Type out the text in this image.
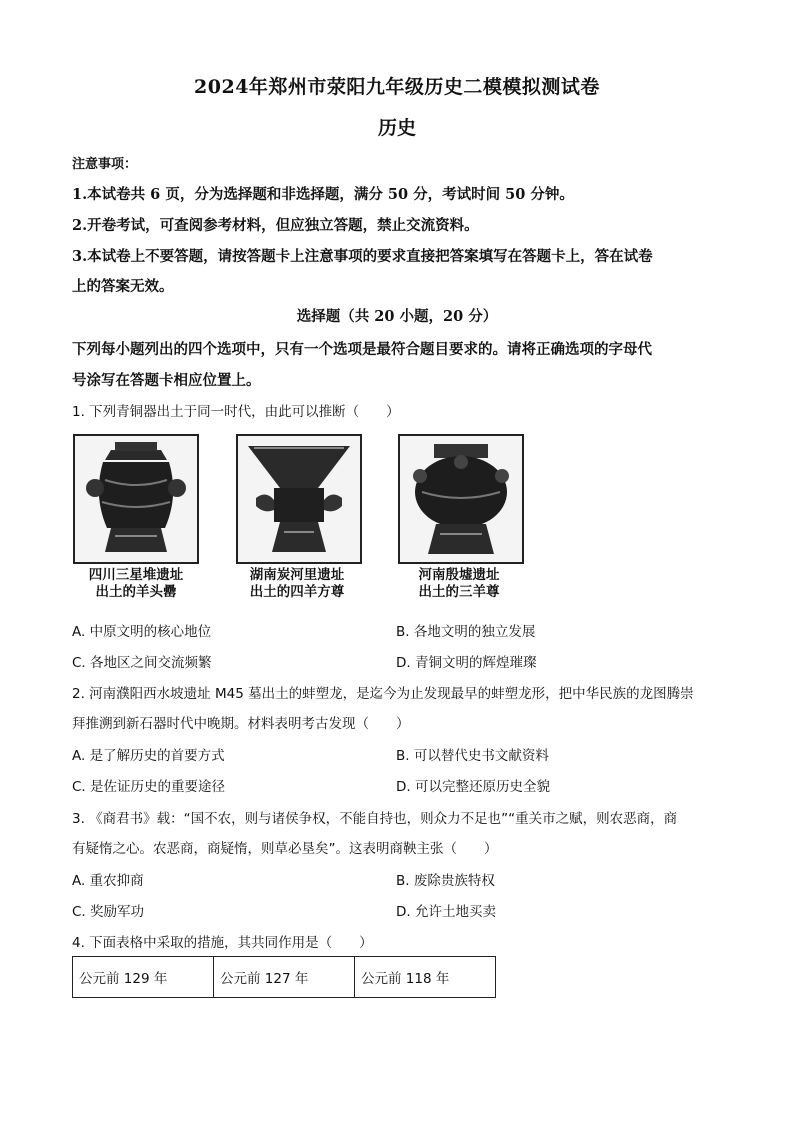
2024年郑州市荥阳九年级历史二模模拟测试卷
历史
注意事项：
1.本试卷共 6 页，分为选择题和非选择题，满分 50 分，考试时间 50 分钟。
2.开卷考试，可查阅参考材料，但应独立答题，禁止交流资料。
3.本试卷上不要答题，请按答题卡上注意事项的要求直接把答案填写在答题卡上，答在试卷
上的答案无效。
选择题（共 20 小题，20 分）
下列每小题列出的四个选项中，只有一个选项是最符合题目要求的。请将正确选项的字母代
号涂写在答题卡相应位置上。
1. 下列青铜器出土于同一时代，由此可以推断（　　）
四川三星堆遗址
出土的羊头罍
湖南炭河里遗址
出土的四羊方尊
河南殷墟遗址
出土的三羊尊
A. 中原文明的核心地位	B. 各地文明的独立发展
C. 各地区之间交流频繁	D. 青铜文明的辉煌璀璨
2. 河南濮阳西水坡遗址 M45 墓出土的蚌塑龙，是迄今为止发现最早的蚌塑龙形，把中华民族的龙图腾崇
拜推溯到新石器时代中晚期。材料表明考古发现（　　）
A. 是了解历史的首要方式	B. 可以替代史书文献资料
C. 是佐证历史的重要途径	D. 可以完整还原历史全貌
3. 《商君书》载：“国不农，则与诸侯争权，不能自持也，则众力不足也”“重关市之赋，则农恶商，商
有疑惰之心。农恶商，商疑惰，则草必垦矣”。这表明商鞅主张（　　）
A. 重农抑商	B. 废除贵族特权
C. 奖励军功	D. 允许土地买卖
4. 下面表格中采取的措施，其共同作用是（　　）
公元前 129 年	公元前 127 年	公元前 118 年
